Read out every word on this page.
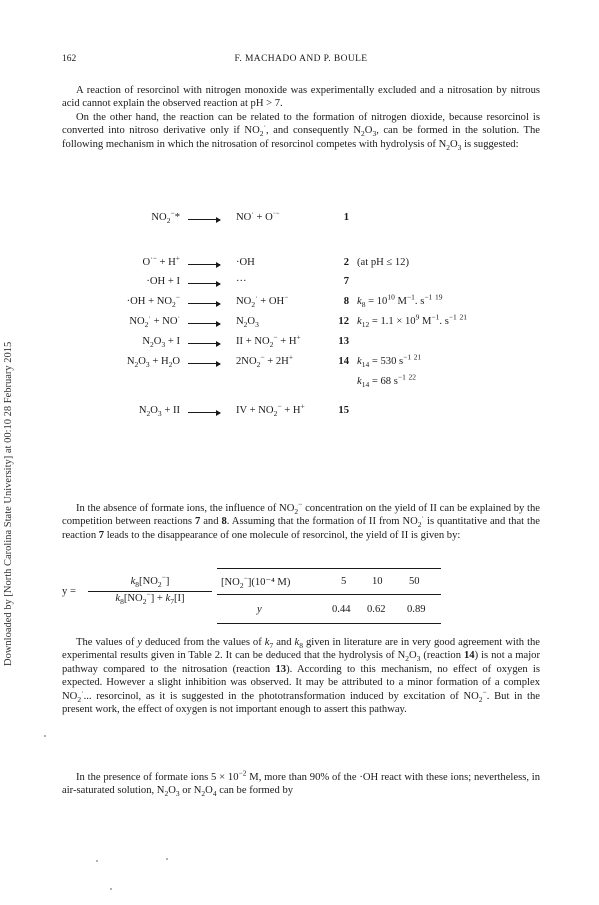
162	F. MACHADO AND P. BOULE
Downloaded by [North Carolina State University] at 00:10 28 February 2015
A reaction of resorcinol with nitrogen monoxide was experimentally excluded and a nitrosation by nitrous acid cannot explain the observed reaction at pH > 7.
On the other hand, the reaction can be related to the formation of nitrogen dioxide, because resorcinol is converted into nitroso derivative only if $NO_2^\cdot$, and consequently $N_2O_3$, can be formed in the solution. The following mechanism in which the nitrosation of resorcinol competes with hydrolysis of $N_2O_3$ is suggested:
$NO_2^-* \to NO^\cdot + O^{\cdot-}$	1
O·− + H+	·OH	2 (at pH ≤ 12)
·OH + I → ···	7
$\cdot OH + NO_2^-$	$NO_2^\cdot + OH^-$	8 $k_8 = 10^{10}$ $M^{-1}$. $s^{-1}$ $^{19}$
$NO_2^\cdot + NO^\cdot$	$N_2O_3$	12 $k_{12} = 1.1 \times 10^9$ $M^{-1}$. $s^{-1}$ $^{21}$
$N_2O_3 + I$ → II + $NO_2^- + H^+$	13
$N_2O_3 + H_2O \to 2NO_2^- + 2H^+$	14 $k_{14} = 530$ $s^{-1}$ $^{21}$
$k_{14} = 68$ $s^{-1}$ $^{22}$
$N_2O_3$ + II → IV + $NO_2^- + H^+$	15
In the absence of formate ions, the influence of $NO_2^-$ concentration on the yield of II can be explained by the competition between reactions 7 and 8. Assuming that the formation of II from $NO_2^\cdot$ is quantitative and that the reaction 7 leads to the disappearance of one molecule of resorcinol, the yield of II is given by:
y =
$k_8[NO_2^-]$
$k_8[NO_2^-] + k_7[I]$
$[NO_2^-](10^{-4}$ M)	5 10 50
y	0.44 0.62 0.89
The values of y deduced from the values of $k_7$ and $k_8$ given in literature are in very good agreement with the experimental results given in Table 2. It can be deduced that the hydrolysis of $N_2O_3$ (reaction 14) is not a major pathway compared to the nitrosation (reaction 13). According to this mechanism, no effect of oxygen is expected. However a slight inhibition was observed. It may be attributed to a minor formation of a complex $NO_2^\cdot$... resorcinol, as it is suggested in the phototransformation induced by excitation of $NO_2^-$. But in the present work, the effect of oxygen is not important enough to assert this pathway.
In the presence of formate ions $5 \times 10^{-2}$ M, more than 90% of the ·OH react with these ions; nevertheless, in air-saturated solution, $N_2O_3$ or $N_2O_4$ can be formed by
